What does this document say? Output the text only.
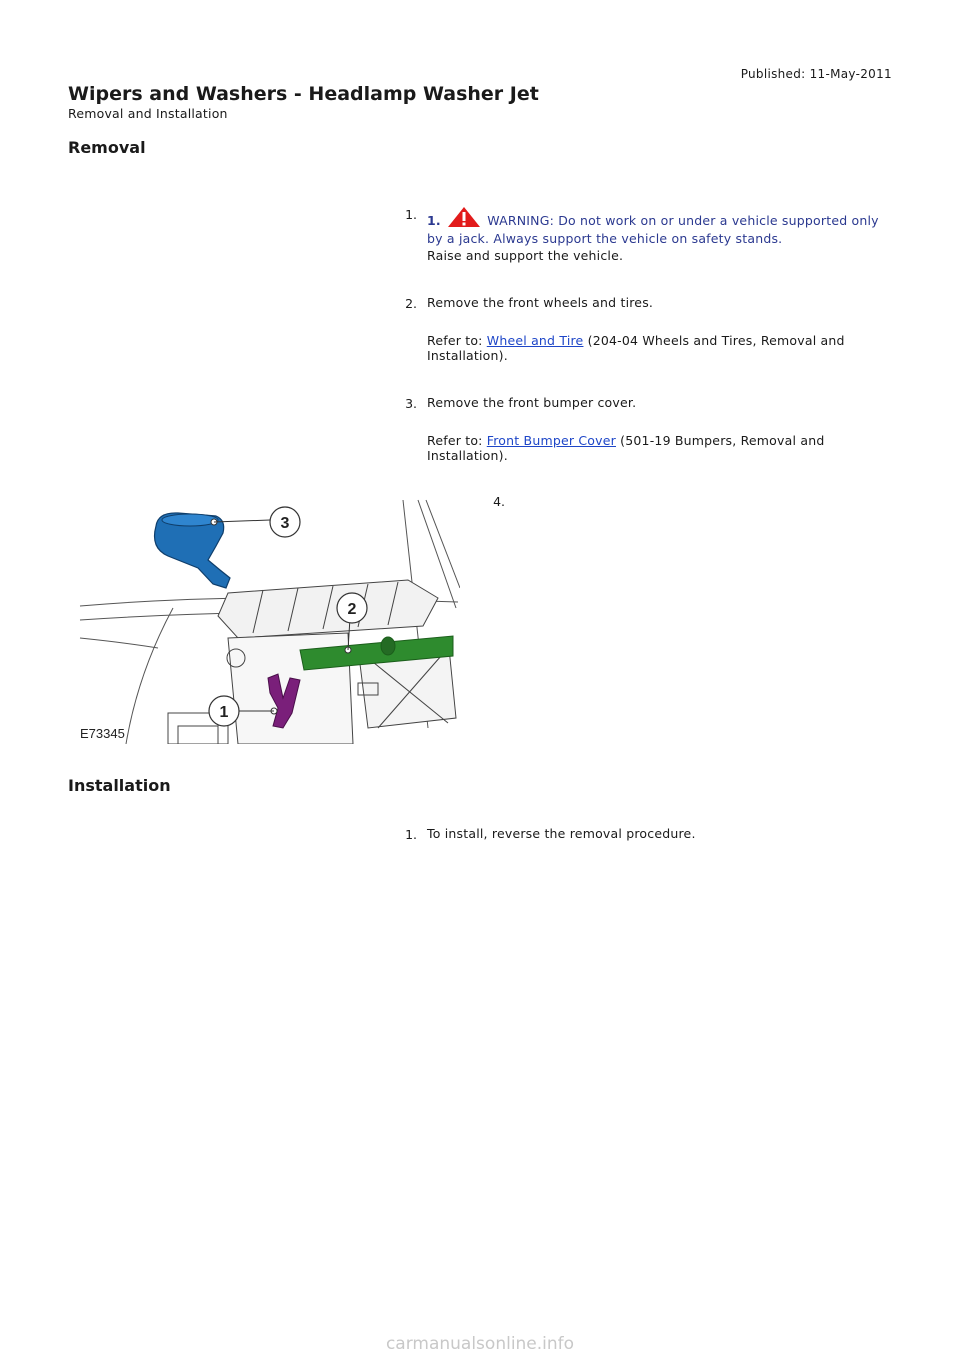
Published: 11-May-2011
Wipers and Washers - Headlamp Washer Jet
Removal and Installation
Removal
1. 1.	WARNING: Do not work on or under a vehicle supported only by a jack. Always support the vehicle on safety stands.
Raise and support the vehicle.
2. Remove the front wheels and tires.
Refer to: Wheel and Tire (204-04 Wheels and Tires, Removal and Installation).
3. Remove the front bumper cover.
Refer to: Front Bumper Cover (501-19 Bumpers, Removal and Installation).
4.
3
2
1
E73345
Installation
1. To install, reverse the removal procedure.
carmanualsonline.info
